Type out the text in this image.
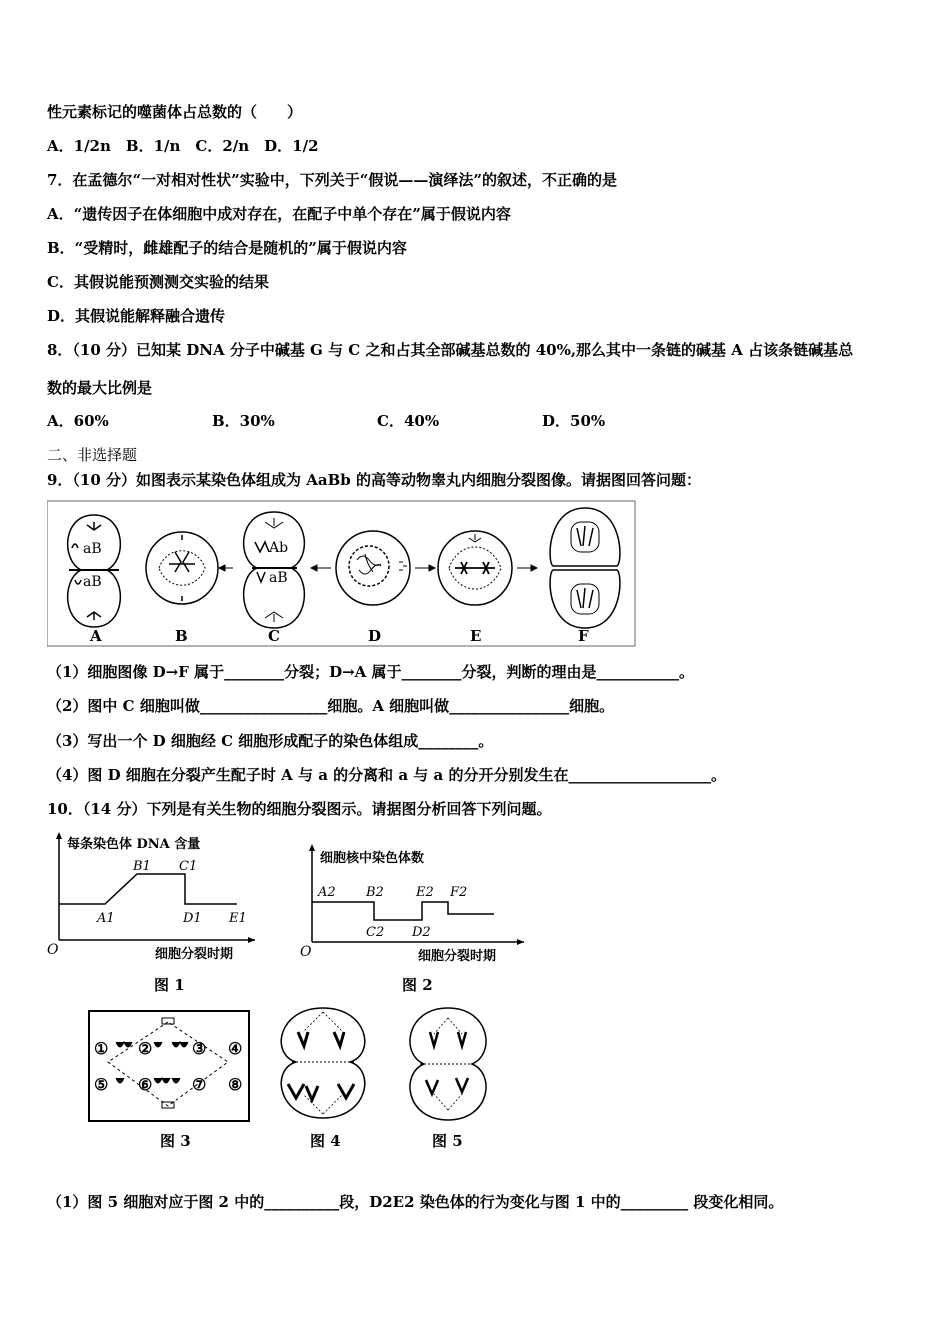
性元素标记的噬菌体占总数的（　　）
A．1/2n　B．1/n　C．2/n　D．1/2
7．在孟德尔“一对相对性状”实验中，下列关于“假说——演绎法”的叙述，不正确的是
A．“遗传因子在体细胞中成对存在，在配子中单个存在”属于假说内容
B．“受精时，雌雄配子的结合是随机的”属于假说内容
C．其假说能预测测交实验的结果
D．其假说能解释融合遗传
8．（10 分）已知某 DNA 分子中碱基 G 与 C 之和占其全部碱基总数的 40%,那么其中一条链的碱基 A 占该条链碱基总
数的最大比例是
A．60%	B．30%	C．40%	D．50%
二、非选择题
9．（10 分）如图表示某染色体组成为 AaBb 的高等动物睾丸内细胞分裂图像。请据图回答问题：
aB
aB
Ab
aB
A	B	C	D	E	F
（1）细胞图像 D→F 属于________分裂；D→A 属于________分裂，判断的理由是___________。
（2）图中 C 细胞叫做_________________细胞。A 细胞叫做________________细胞。
（3）写出一个 D 细胞经 C 细胞形成配子的染色体组成________。
（4）图 D 细胞在分裂产生配子时 A 与 a 的分离和 a 与 a 的分开分别发生在___________________。
10．（14 分）下列是有关生物的细胞分裂图示。请据图分析回答下列问题。
每条染色体 DNA 含量
O	细胞分裂时期
A1
B1 C1
D1 E1
图 1
细胞核中染色体数
O	细胞分裂时期
A2 B2
C2 D2
E2 F2
图 2
① ② ③ ④
⑤ ⑥ ⑦ ⑧
图 3	图 4	图 5
（1）图 5 细胞对应于图 2 中的__________段，D2E2 染色体的行为变化与图 1 中的_________ 段变化相同。
